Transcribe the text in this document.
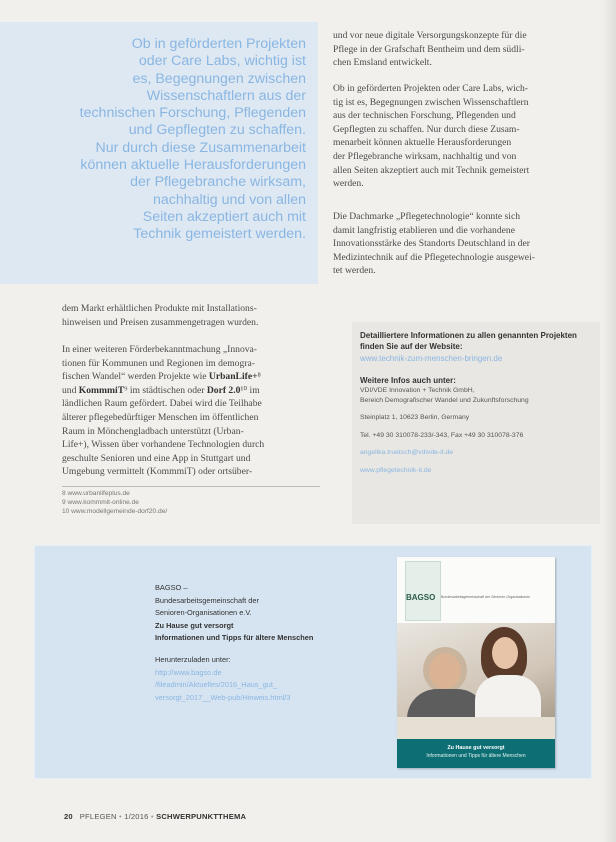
Ob in geförderten Projekten
oder Care Labs, wichtig ist
es, Begegnungen zwischen
Wissenschaftlern aus der
technischen Forschung, Pflegenden
und Gepflegten zu schaffen.
Nur durch diese Zusammenarbeit
können aktuelle Herausforderungen
der Pflegebranche wirksam,
nachhaltig und von allen
Seiten akzeptiert auch mit
Technik gemeistert werden.

und vor neue digitale Versorgungskonzepte für die
Pflege in der Grafschaft Bentheim und dem südli-
chen Emsland entwickelt.

Ob in geförderten Projekten oder Care Labs, wich-
tig ist es, Begegnungen zwischen Wissenschaftlern
aus der technischen Forschung, Pflegenden und
Gepflegten zu schaffen. Nur durch diese Zusam-
menarbeit können aktuelle Herausforderungen
der Pflegebranche wirksam, nachhaltig und von
allen Seiten akzeptiert auch mit Technik gemeistert
werden.

Die Dachmarke „Pflegetechnologie“ konnte sich
damit langfristig etablieren und die vorhandene
Innovationsstärke des Standorts Deutschland in der
Medizintechnik auf die Pflegetechnologie ausgewei-
tet werden.

dem Markt erhältlichen Produkte mit Installations-
hinweisen und Preisen zusammengetragen wurden.

In einer weiteren Förderbekanntmachung „Innova-
tionen für Kommunen und Regionen im demogra-
fischen Wandel“ werden Projekte wie UrbanLife+⁸
und KommmiT⁹ im städtischen oder Dorf 2.0¹⁰ im
ländlichen Raum gefördert. Dabei wird die Teilhabe
älterer pflegebedürftiger Menschen im öffentlichen
Raum in Mönchengladbach unterstützt (Urban-
Life+), Wissen über vorhandene Technologien durch
geschulte Senioren und eine App in Stuttgart und
Umgebung vermittelt (KommmiT) oder ortsüber-

8 www.urbanlifeplus.de
9 www.kommmit-online.de
10 www.modellgemeinde-dorf20.de/
Detailliertere Informationen zu allen genannten Projekten finden Sie auf der Website:
www.technik-zum-menschen-bringen.de
Weitere Infos auch unter:
VDI/VDE Innovation + Technik GmbH,
Bereich Demografischer Wandel und Zukunftsforschung
Steinplatz 1, 10623 Berlin, Germany
Tel. +49 30 310078-233/-343, Fax +49 30 310078-376
angelika.truetsch@vdivde-it.de
www.pflegetechnik-it.de
BAGSO –
Bundesarbeitsgemeinschaft der
Senioren-Organisationen e.V.
Zu Hause gut versorgt
Informationen und Tipps für ältere Menschen
Herunterzuladen unter:
http://www.bagso.de
/fileadmin/Aktuelles/2016_Haus_gut_
versorgt_2017__Web-pub/Hinweis.html/3
BAGSO Bundesarbeitsgemeinschaft der Senioren-Organisationen
Zu Hause gut versorgt
Informationen und Tipps für ältere Menschen
20 PFLEGEN • 1/2016 • SCHWERPUNKTTHEMA
